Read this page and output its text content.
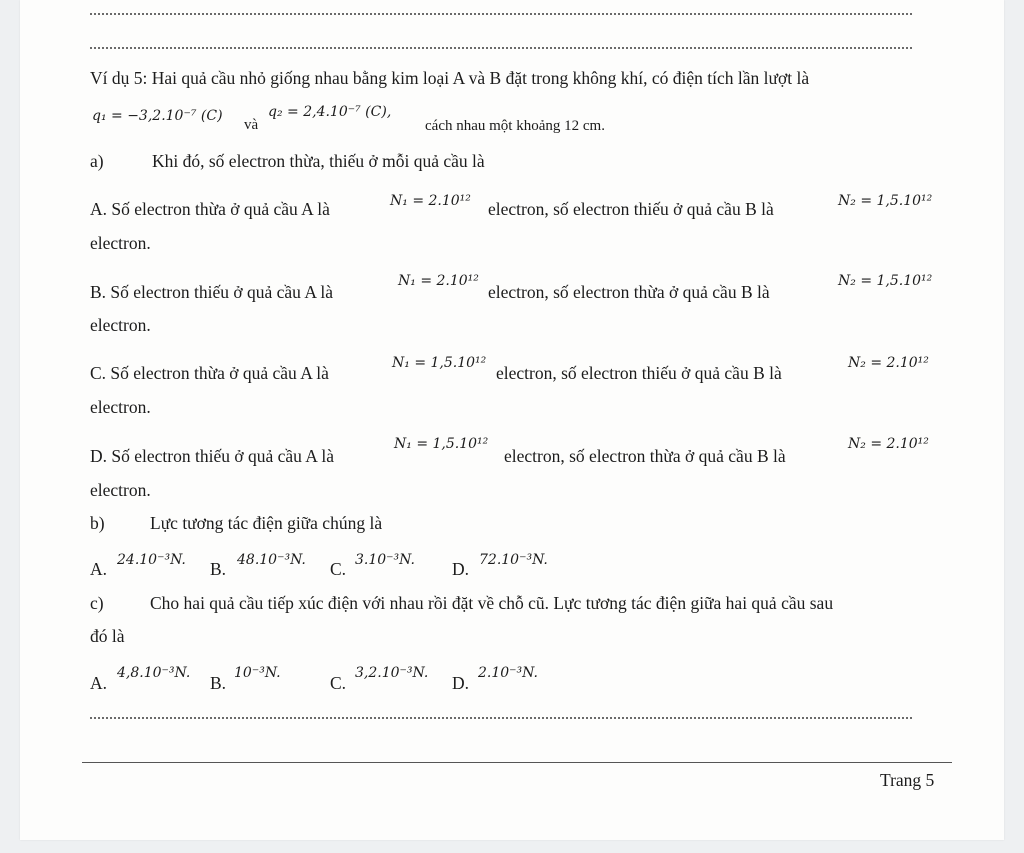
Ví dụ 5: Hai quả cầu nhỏ giống nhau bằng kim loại A và B đặt trong không khí, có điện tích lần lượt là
q₁ = −3,2.10⁻⁷ (C)
và
q₂ = 2,4.10⁻⁷ (C),
cách nhau một khoảng 12 cm.
a)	Khi đó, số electron thừa, thiếu ở mỗi quả cầu là
A. Số electron thừa ở quả cầu A là	N₁ = 2.10¹² electron, số electron thiếu ở quả cầu B là	N₂ = 1,5.10¹²
electron.
B. Số electron thiếu ở quả cầu A là
N₁ = 2.10¹²
electron, số electron thừa ở quả cầu B là
N₂ = 1,5.10¹²
electron.
C. Số electron thừa ở quả cầu A là	N₁ = 1,5.10¹² electron, số electron thiếu ở quả cầu B là	N₂ = 2.10¹²
electron.
D. Số electron thiếu ở quả cầu A là
N₁ = 1,5.10¹²
electron, số electron thừa ở quả cầu B là
N₂ = 2.10¹²
electron.
b)	Lực tương tác điện giữa chúng là
A. 24.10⁻³N. B. 48.10⁻³N. C. 3.10⁻³N. D. 72.10⁻³N.
c)	Cho hai quả cầu tiếp xúc điện với nhau rồi đặt về chỗ cũ. Lực tương tác điện giữa hai quả cầu sau
đó là
A. 4,8.10⁻³N. B. 10⁻³N.	C. 3,2.10⁻³N. D. 2.10⁻³N.
Trang 5
